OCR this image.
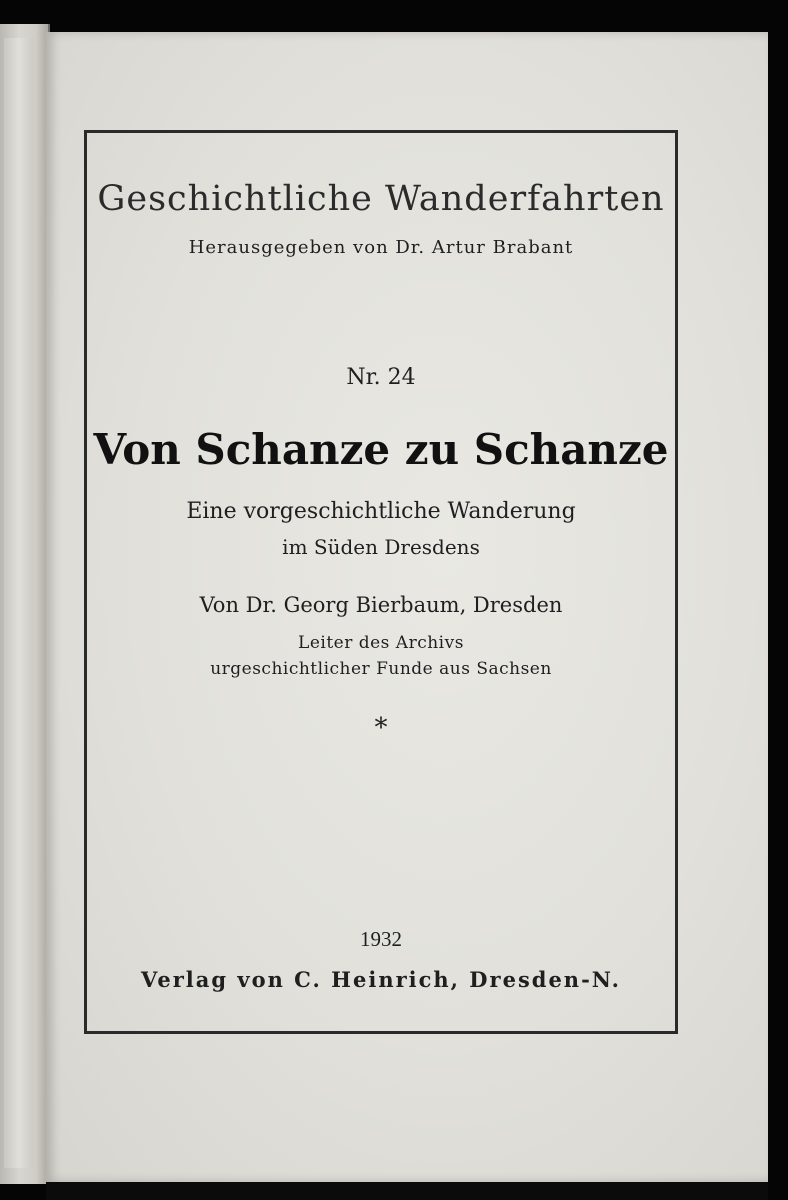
Geschichtliche Wanderfahrten
Herausgegeben von Dr. Artur Brabant
Nr. 24
Von Schanze zu Schanze
Eine vorgeschichtliche Wanderung
im Süden Dresdens
Von Dr. Georg Bierbaum, Dresden
Leiter des Archivs
urgeschichtlicher Funde aus Sachsen
*
1932
Verlag von C. Heinrich, Dresden-N.
